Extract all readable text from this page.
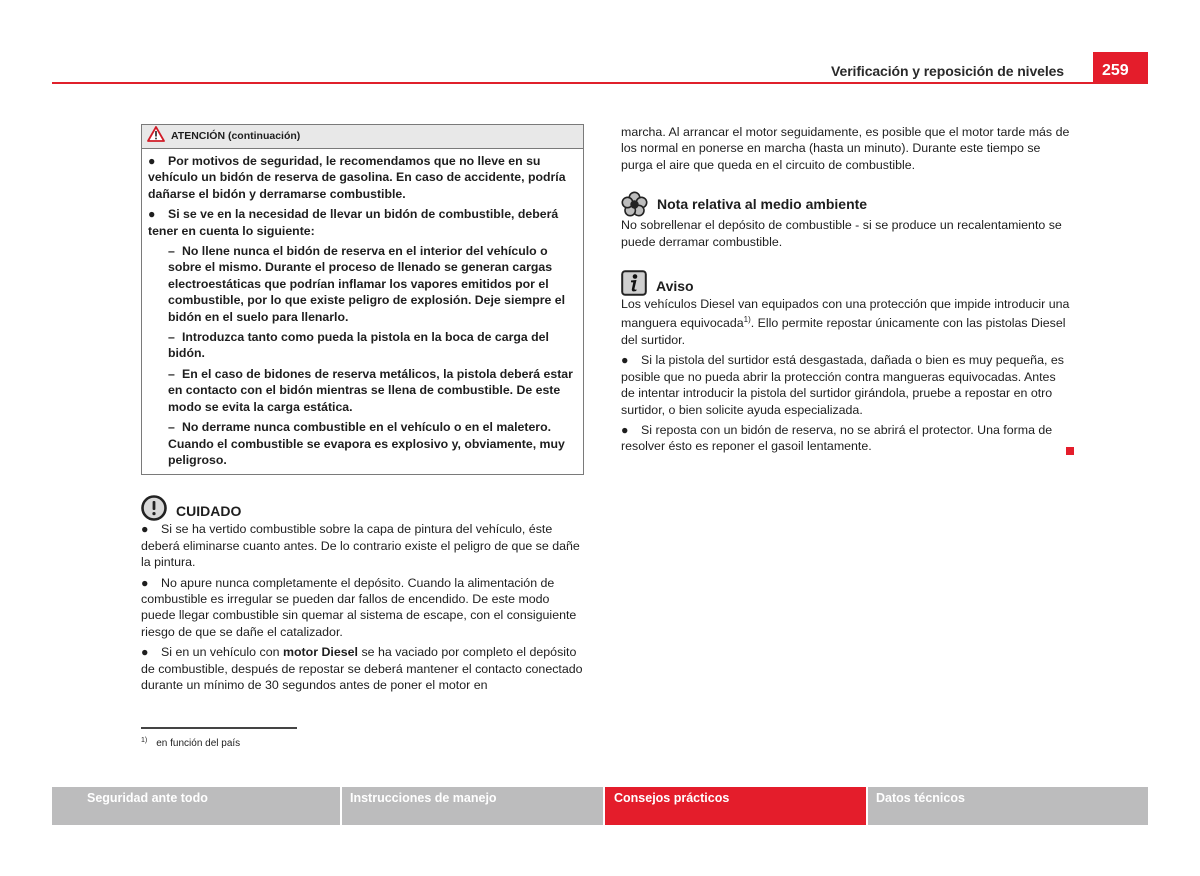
Verificación y reposición de niveles	259
ATENCIÓN (continuación)

● Por motivos de seguridad, le recomendamos que no lleve en su vehículo un bidón de reserva de gasolina. En caso de accidente, podría dañarse el bidón y derramarse combustible.

● Si se ve en la necesidad de llevar un bidón de combustible, deberá tener en cuenta lo siguiente:

– No llene nunca el bidón de reserva en el interior del vehículo o sobre el mismo. Durante el proceso de llenado se generan cargas electroestáticas que podrían inflamar los vapores emitidos por el combustible, por lo que existe peligro de explosión. Deje siempre el bidón en el suelo para llenarlo.

– Introduzca tanto como pueda la pistola en la boca de carga del bidón.

– En el caso de bidones de reserva metálicos, la pistola deberá estar en contacto con el bidón mientras se llena de combustible. De este modo se evita la carga estática.

– No derrame nunca combustible en el vehículo o en el maletero. Cuando el combustible se evapora es explosivo y, obviamente, muy peligroso.

CUIDADO

● Si se ha vertido combustible sobre la capa de pintura del vehículo, éste deberá eliminarse cuanto antes. De lo contrario existe el peligro de que se dañe la pintura.

● No apure nunca completamente el depósito. Cuando la alimentación de combustible es irregular se pueden dar fallos de encendido. De este modo puede llegar combustible sin quemar al sistema de escape, con el consiguiente riesgo de que se dañe el catalizador.

● Si en un vehículo con motor Diesel se ha vaciado por completo el depósito de combustible, después de repostar se deberá mantener el contacto conectado durante un mínimo de 30 segundos antes de poner el motor en

$^{1)}$ en función del país

marcha. Al arrancar el motor seguidamente, es posible que el motor tarde más de los normal en ponerse en marcha (hasta un minuto). Durante este tiempo se purga el aire que queda en el circuito de combustible.

Nota relativa al medio ambiente

No sobrellenar el depósito de combustible - si se produce un recalentamiento se puede derramar combustible.

Aviso

Los vehículos Diesel van equipados con una protección que impide introducir una manguera equivocada$^{1)}$. Ello permite repostar únicamente con las pistolas Diesel del surtidor.

● Si la pistola del surtidor está desgastada, dañada o bien es muy pequeña, es posible que no pueda abrir la protección contra mangueras equivocadas. Antes de intentar introducir la pistola del surtidor girándola, pruebe a repostar en otro surtidor, o bien solicite ayuda especializada.

● Si reposta con un bidón de reserva, no se abrirá el protector. Una forma de resolver ésto es reponer el gasoil lentamente.

Seguridad ante todo	Instrucciones de manejo	Consejos prácticos	Datos técnicos
